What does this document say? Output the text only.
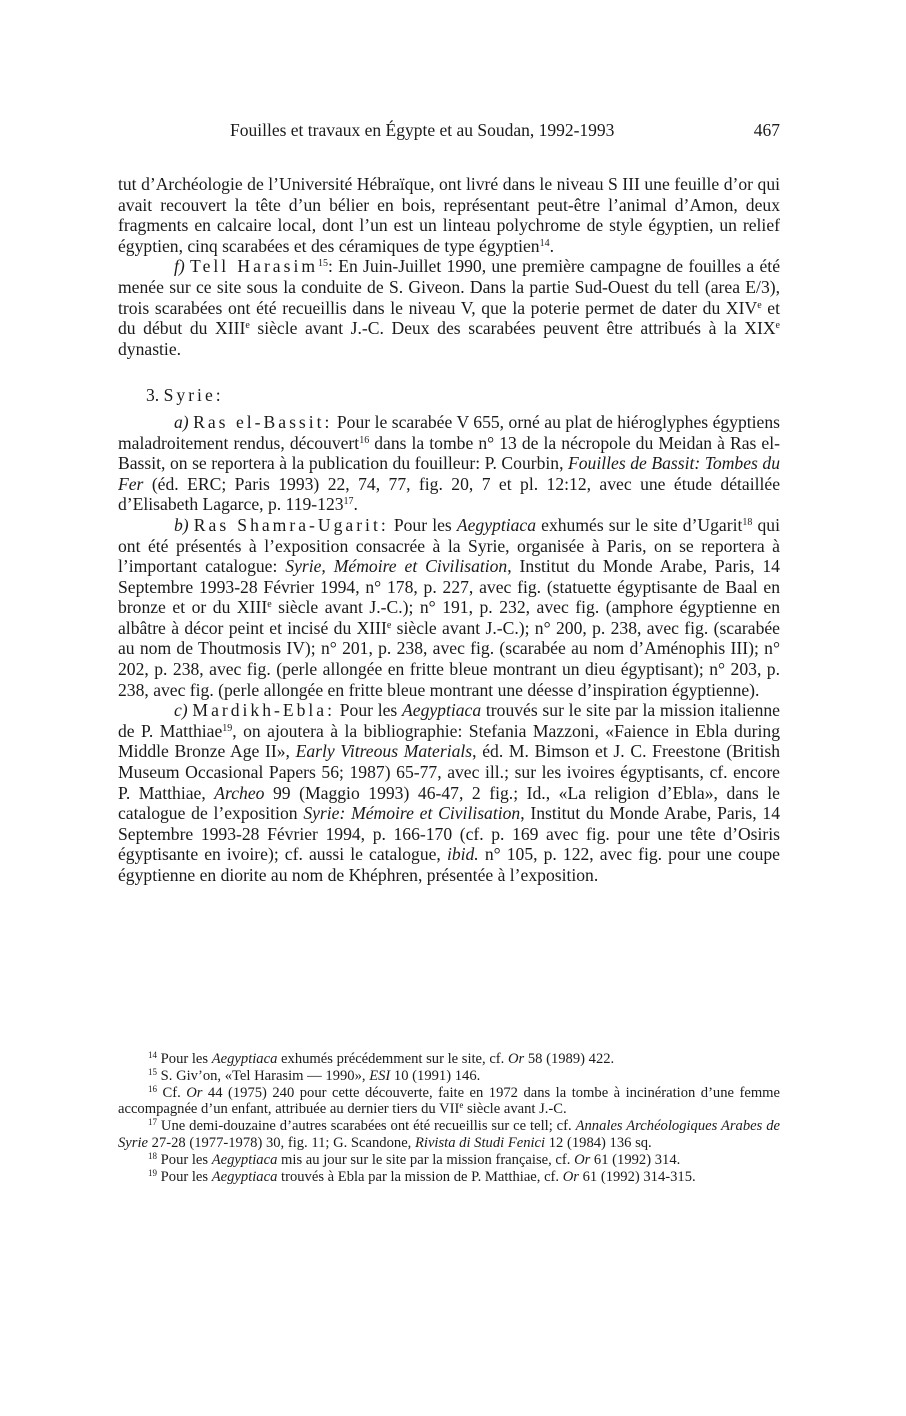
Fouilles et travaux en Égypte et au Soudan, 1992-1993	467

tut d’Archéologie de l’Université Hébraïque, ont livré dans le niveau S III une feuille d’or qui avait recouvert la tête d’un bélier en bois, représentant peut-être l’animal d’Amon, deux fragments en calcaire local, dont l’un est un linteau polychrome de style égyptien, un relief égyptien, cinq scarabées et des céramiques de type égyptien$^{14}$.

f) Tell Harasim$^{15}$: En Juin-Juillet 1990, une première campagne de fouilles a été menée sur ce site sous la conduite de S. Giveon. Dans la partie Sud-Ouest du tell (area E/3), trois scarabées ont été recueillis dans le niveau V, que la poterie permet de dater du XIVe et du début du XIIIe siècle avant J.-C. Deux des scarabées peuvent être attribués à la XIXe dynastie.

3. Syrie:

a) Ras el-Bassit: Pour le scarabée V 655, orné au plat de hiéroglyphes égyptiens maladroitement rendus, découvert$^{16}$ dans la tombe n° 13 de la nécropole du Meidan à Ras el-Bassit, on se reportera à la publication du fouilleur: P. Courbin, Fouilles de Bassit: Tombes du Fer (éd. ERC; Paris 1993) 22, 74, 77, fig. 20, 7 et pl. 12:12, avec une étude détaillée d’Elisabeth Lagarce, p. $119-123^{17}$.

b) Ras Shamra-Ugarit: Pour les Aegyptiaca exhumés sur le site d’Ugarit$^{18}$ qui ont été présentés à l’exposition consacrée à la Syrie, organisée à Paris, on se reportera à l’important catalogue: Syrie, Mémoire et Civilisation, Institut du Monde Arabe, Paris, 14 Septembre 1993-28 Février 1994, n° 178, p. 227, avec fig. (statuette égyptisante de Baal en bronze et or du XIIIe siècle avant J.-C.); n° 191, p. 232, avec fig. (amphore égyptienne en albâtre à décor peint et incisé du XIIIe siècle avant J.-C.); n° 200, p. 238, avec fig. (scarabée au nom de Thoutmosis IV); n° 201, p. 238, avec fig. (scarabée au nom d’Aménophis III); n° 202, p. 238, avec fig. (perle allongée en fritte bleue montrant un dieu égyptisant); n° 203, p. 238, avec fig. (perle allongée en fritte bleue montrant une déesse d’inspiration égyptienne).

c) Mardikh-Ebla: Pour les Aegyptiaca trouvés sur le site par la mission italienne de P. Matthiae$^{19}$, on ajoutera à la bibliographie: Stefania Mazzoni, «Faience in Ebla during Middle Bronze Age II», Early Vitreous Materials, éd. M. Bimson et J. C. Freestone (British Museum Occasional Papers 56; 1987) 65-77, avec ill.; sur les ivoires égyptisants, cf. encore P. Matthiae, Archeo 99 (Maggio 1993) 46-47, 2 fig.; Id., «La religion d’Ebla», dans le catalogue de l’exposition Syrie: Mémoire et Civilisation, Institut du Monde Arabe, Paris, 14 Septembre 1993-28 Février 1994, p. 166-170 (cf. p. 169 avec fig. pour une tête d’Osiris égyptisante en ivoire); cf. aussi le catalogue, ibid. n° 105, p. 122, avec fig. pour une coupe égyptienne en diorite au nom de Khéphren, présentée à l’exposition.

$^{14}$ Pour les Aegyptiaca exhumés précédemment sur le site, cf. Or 58 (1989) 422.

$^{15}$ S. Giv’on, «Tel Harasim — 1990», ESI 10 (1991) 146.

$^{16}$ Cf. Or 44 (1975) 240 pour cette découverte, faite en 1972 dans la tombe à incinération d’une femme accompagnée d’un enfant, attribuée au dernier tiers du VIIe siècle avant J.-C.

$^{17}$ Une demi-douzaine d’autres scarabées ont été recueillis sur ce tell; cf. Annales Archéologiques Arabes de Syrie 27-28 (1977-1978) 30, fig. 11; G. Scandone, Rivista di Studi Fenici 12 (1984) 136 sq.

$^{18}$ Pour les Aegyptiaca mis au jour sur le site par la mission française, cf. Or 61 (1992) 314.

$^{19}$ Pour les Aegyptiaca trouvés à Ebla par la mission de P. Matthiae, cf. Or 61 (1992) 314-315.
